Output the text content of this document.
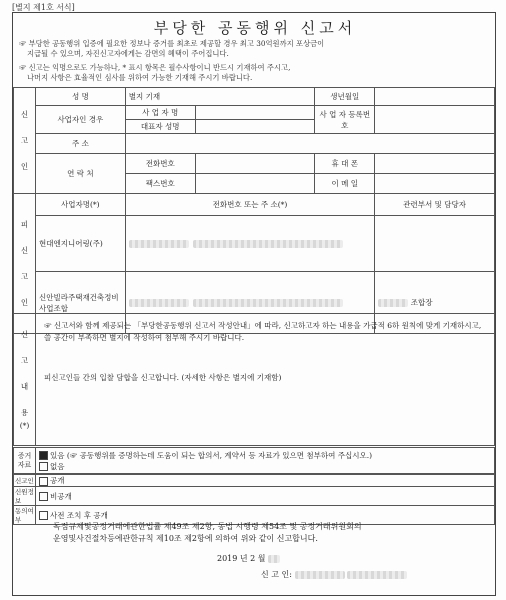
[별지 제1호 서식]
부당한 공동행위 신고서
☞ 부당한 공동행위 입증에 필요한 정보나 증거를 최초로 제공할 경우 최고 30억원까지 포상금이
지급될 수 있으며, 자진신고자에게는 감면의 혜택이 주어집니다.
☞ 신고는 익명으로도 가능하나, * 표시 항목은 필수사항이니 반드시 기재하여 주시고,
나머지 사항은 효율적인 심사를 위하여 가능한 기재해 주시기 바랍니다.
신

고

인	성 명	별지 기재		생년월일	
	사업자인 경우	사 업 자 명		사 업 자 등록번호	
		대표자 성명			
	주 소				
	연 락 처	전화번호		휴 대 폰	
		팩스번호		이 메 일	
피

신

고

인	사업자명(*)	전화번호 또는 주 소(*)	관련부서 및 담당자
	현대엔지니어링(주)		
	신안빌라주택재건축정비사업조합		조합장
신

고

내

용
(*)	
☞ 신고서와 함께 제공되는 「부당한공동행위 신고서 작성안내」에 따라, 신고하고자 하는 내용을 가급적 6하 원칙에 맞게 기재하시고, 쓸 공간이 부족하면 별지에 작성하여 첨부해 주시기 바랍니다.
피신고인들 간의 입찰 담합을 신고합니다. (자세한 사항은 별지에 기재함)
증거자료	
있음 (☞ 공동행위를 증명하는데 도움이 되는 합의서, 계약서 등 자료가 있으면 첨부하여 주십시오.)
없음
신고인	공개
신원정보	비공개
동의여부	사전 조치 후 공개
독점규제및공정거래에관한법률 제49조 제2항, 동법 시행령 제54조 및 공정거래위원회의
운영및사건절차등에관한규칙 제10조 제2항에 의하여 위와 같이 신고합니다.
2019 년 2 월
신 고 인:
